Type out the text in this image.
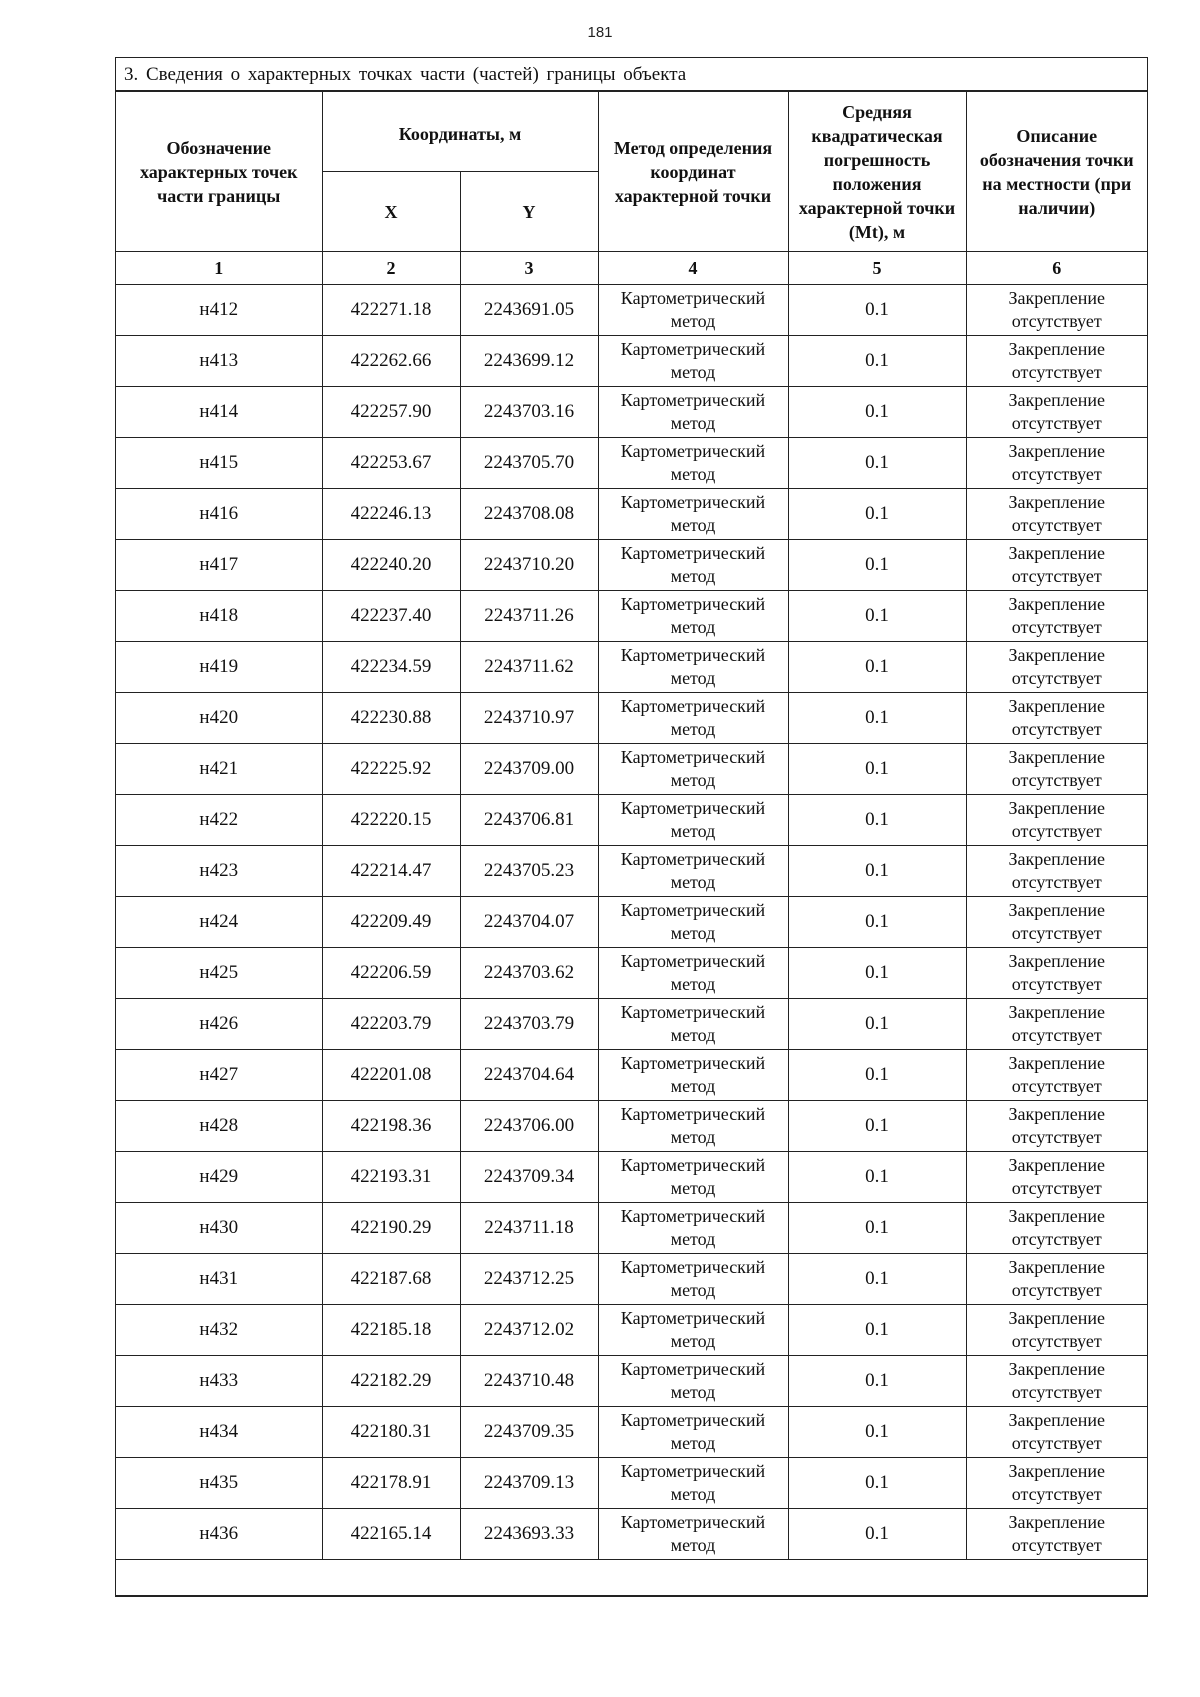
181
3. Сведения о характерных точках части (частей) границы объекта
Обозначение характерных точек части границы	Координаты, м		Метод определения координат характерной точки	Средняя квадратическая погрешность положения характерной точки (Mt), м	Описание обозначения точки на местности (при наличии)
	X	Y			
1	2	3	4	5	6
н412	422271.18	2243691.05	Картометрический метод	0.1	Закрепление отсутствует
н413	422262.66	2243699.12	Картометрический метод	0.1	Закрепление отсутствует
н414	422257.90	2243703.16	Картометрический метод	0.1	Закрепление отсутствует
н415	422253.67	2243705.70	Картометрический метод	0.1	Закрепление отсутствует
н416	422246.13	2243708.08	Картометрический метод	0.1	Закрепление отсутствует
н417	422240.20	2243710.20	Картометрический метод	0.1	Закрепление отсутствует
н418	422237.40	2243711.26	Картометрический метод	0.1	Закрепление отсутствует
н419	422234.59	2243711.62	Картометрический метод	0.1	Закрепление отсутствует
н420	422230.88	2243710.97	Картометрический метод	0.1	Закрепление отсутствует
н421	422225.92	2243709.00	Картометрический метод	0.1	Закрепление отсутствует
н422	422220.15	2243706.81	Картометрический метод	0.1	Закрепление отсутствует
н423	422214.47	2243705.23	Картометрический метод	0.1	Закрепление отсутствует
н424	422209.49	2243704.07	Картометрический метод	0.1	Закрепление отсутствует
н425	422206.59	2243703.62	Картометрический метод	0.1	Закрепление отсутствует
н426	422203.79	2243703.79	Картометрический метод	0.1	Закрепление отсутствует
н427	422201.08	2243704.64	Картометрический метод	0.1	Закрепление отсутствует
н428	422198.36	2243706.00	Картометрический метод	0.1	Закрепление отсутствует
н429	422193.31	2243709.34	Картометрический метод	0.1	Закрепление отсутствует
н430	422190.29	2243711.18	Картометрический метод	0.1	Закрепление отсутствует
н431	422187.68	2243712.25	Картометрический метод	0.1	Закрепление отсутствует
н432	422185.18	2243712.02	Картометрический метод	0.1	Закрепление отсутствует
н433	422182.29	2243710.48	Картометрический метод	0.1	Закрепление отсутствует
н434	422180.31	2243709.35	Картометрический метод	0.1	Закрепление отсутствует
н435	422178.91	2243709.13	Картометрический метод	0.1	Закрепление отсутствует
н436	422165.14	2243693.33	Картометрический метод	0.1	Закрепление отсутствует
